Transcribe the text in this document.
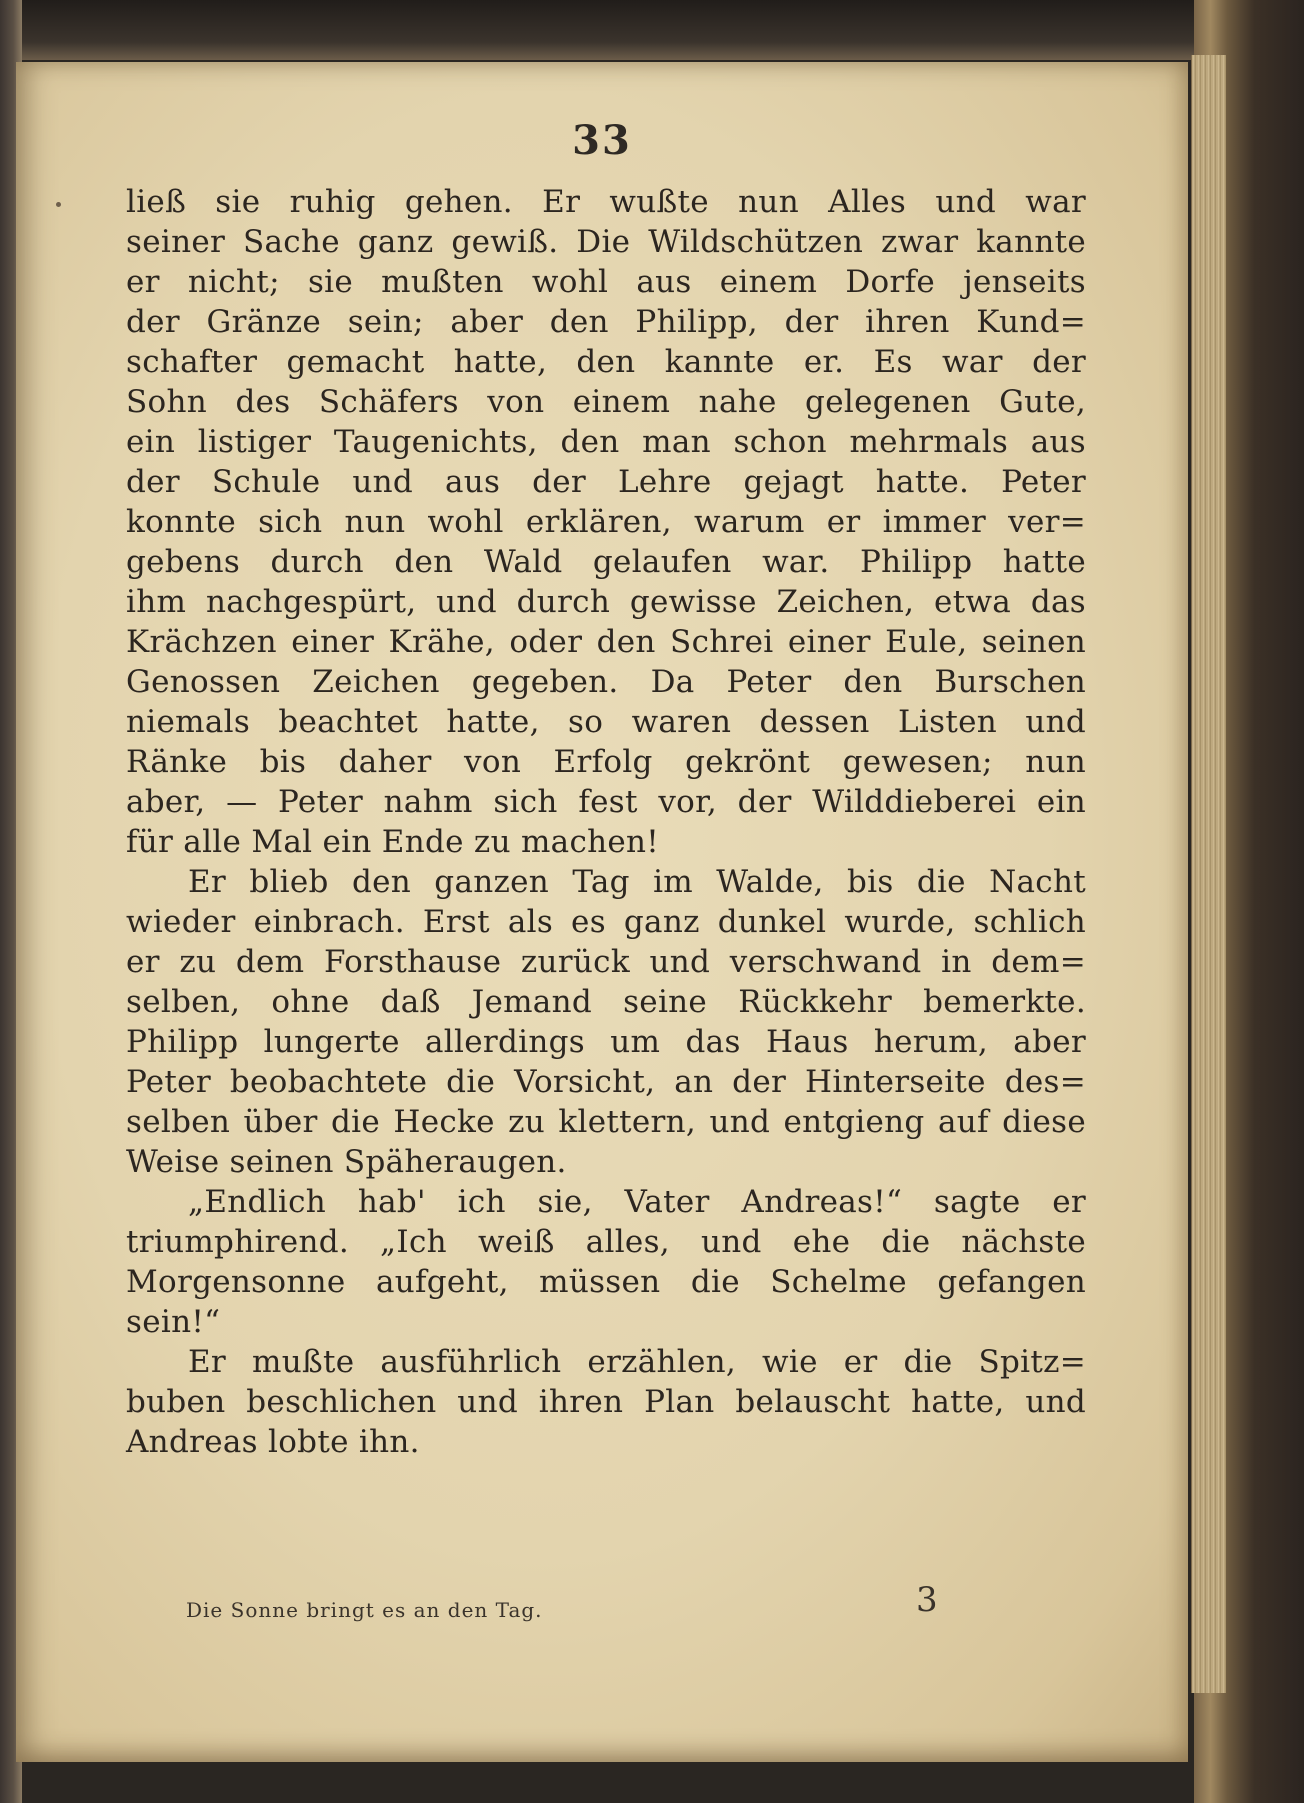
33
ließ sie ruhig gehen. Er wußte nun Alles und war
seiner Sache ganz gewiß. Die Wildschützen zwar kannte
er nicht; sie mußten wohl aus einem Dorfe jenseits
der Gränze sein; aber den Philipp, der ihren Kund=
schafter gemacht hatte, den kannte er. Es war der
Sohn des Schäfers von einem nahe gelegenen Gute,
ein listiger Taugenichts, den man schon mehrmals aus
der Schule und aus der Lehre gejagt hatte. Peter
konnte sich nun wohl erklären, warum er immer ver=
gebens durch den Wald gelaufen war. Philipp hatte
ihm nachgespürt, und durch gewisse Zeichen, etwa das
Krächzen einer Krähe, oder den Schrei einer Eule, seinen
Genossen Zeichen gegeben. Da Peter den Burschen
niemals beachtet hatte, so waren dessen Listen und
Ränke bis daher von Erfolg gekrönt gewesen; nun
aber, — Peter nahm sich fest vor, der Wilddieberei ein
für alle Mal ein Ende zu machen!
Er blieb den ganzen Tag im Walde, bis die Nacht
wieder einbrach. Erst als es ganz dunkel wurde, schlich
er zu dem Forsthause zurück und verschwand in dem=
selben, ohne daß Jemand seine Rückkehr bemerkte.
Philipp lungerte allerdings um das Haus herum, aber
Peter beobachtete die Vorsicht, an der Hinterseite des=
selben über die Hecke zu klettern, und entgieng auf diese
Weise seinen Späheraugen.
„Endlich hab' ich sie, Vater Andreas!“ sagte er
triumphirend. „Ich weiß alles, und ehe die nächste
Morgensonne aufgeht, müssen die Schelme gefangen
sein!“
Er mußte ausführlich erzählen, wie er die Spitz=
buben beschlichen und ihren Plan belauscht hatte, und
Andreas lobte ihn.
Die Sonne bringt es an den Tag.	3
